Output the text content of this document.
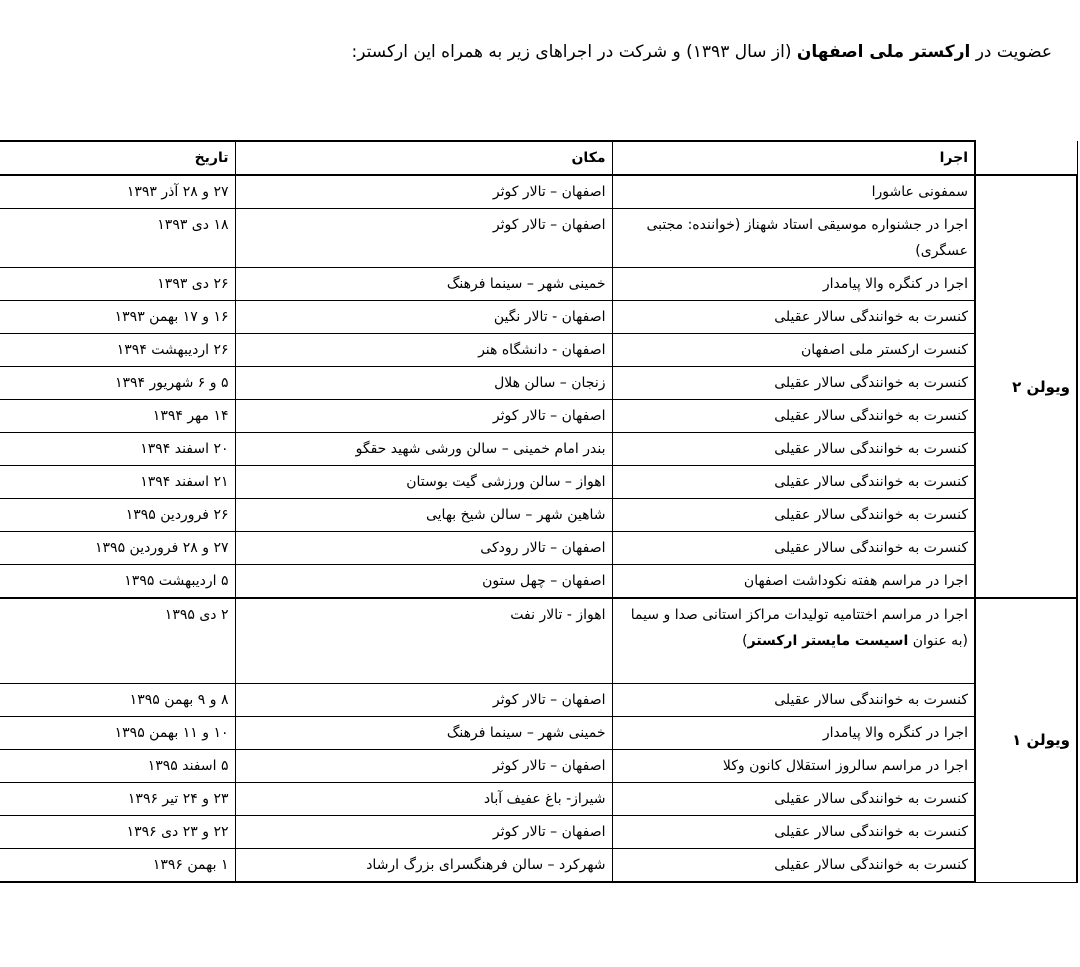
عضویت در ارکستر ملی اصفهان (از سال ۱۳۹۳) و شرکت در اجراهای زیر به همراه این ارکستر:

	اجرا	مکان	تاریخ
ویولن ۲	سمفونی عاشورا	اصفهان – تالار کوثر	۲۷ و ۲۸ آذر ۱۳۹۳
	اجرا در جشنواره موسیقی استاد شهناز (خواننده: مجتبی عسگری)	اصفهان – تالار کوثر	۱۸ دی ۱۳۹۳
	اجرا در کنگره والا پیامدار	خمینی شهر – سینما فرهنگ	۲۶ دی ۱۳۹۳
	کنسرت به خوانندگی سالار عقیلی	اصفهان - تالار نگین	۱۶ و ۱۷ بهمن ۱۳۹۳
	کنسرت ارکستر ملی اصفهان	اصفهان - دانشگاه هنر	۲۶ اردیبهشت ۱۳۹۴
	کنسرت به خوانندگی سالار عقیلی	زنجان – سالن هلال	۵ و ۶ شهریور ۱۳۹۴
	کنسرت به خوانندگی سالار عقیلی	اصفهان – تالار کوثر	۱۴ مهر ۱۳۹۴
	کنسرت به خوانندگی سالار عقیلی	بندر امام خمینی – سالن ورشی شهید حقگو	۲۰ اسفند ۱۳۹۴
	کنسرت به خوانندگی سالار عقیلی	اهواز – سالن ورزشی گیت بوستان	۲۱ اسفند ۱۳۹۴
	کنسرت به خوانندگی سالار عقیلی	شاهین شهر – سالن شیخ بهایی	۲۶ فروردین ۱۳۹۵
	کنسرت به خوانندگی سالار عقیلی	اصفهان – تالار رودکی	۲۷ و ۲۸ فروردین ۱۳۹۵
	اجرا در مراسم هفته نکوداشت اصفهان	اصفهان – چهل ستون	۵ اردیبهشت ۱۳۹۵
ویولن ۱	اجرا در مراسم اختتامیه تولیدات مراکز استانی صدا و سیما (به عنوان اسیست مایستر ارکستر)	اهواز - تالار نفت	۲ دی ۱۳۹۵
	کنسرت به خوانندگی سالار عقیلی	اصفهان – تالار کوثر	۸ و ۹ بهمن ۱۳۹۵
	اجرا در کنگره والا پیامدار	خمینی شهر – سینما فرهنگ	۱۰ و ۱۱ بهمن ۱۳۹۵
	اجرا در مراسم سالروز استقلال کانون وکلا	اصفهان – تالار کوثر	۵ اسفند ۱۳۹۵
	کنسرت به خوانندگی سالار عقیلی	شیراز- باغ عفیف آباد	۲۳ و ۲۴ تیر ۱۳۹۶
	کنسرت به خوانندگی سالار عقیلی	اصفهان – تالار کوثر	۲۲ و ۲۳ دی ۱۳۹۶
	کنسرت به خوانندگی سالار عقیلی	شهرکرد – سالن فرهنگسرای بزرگ ارشاد	۱ بهمن ۱۳۹۶
